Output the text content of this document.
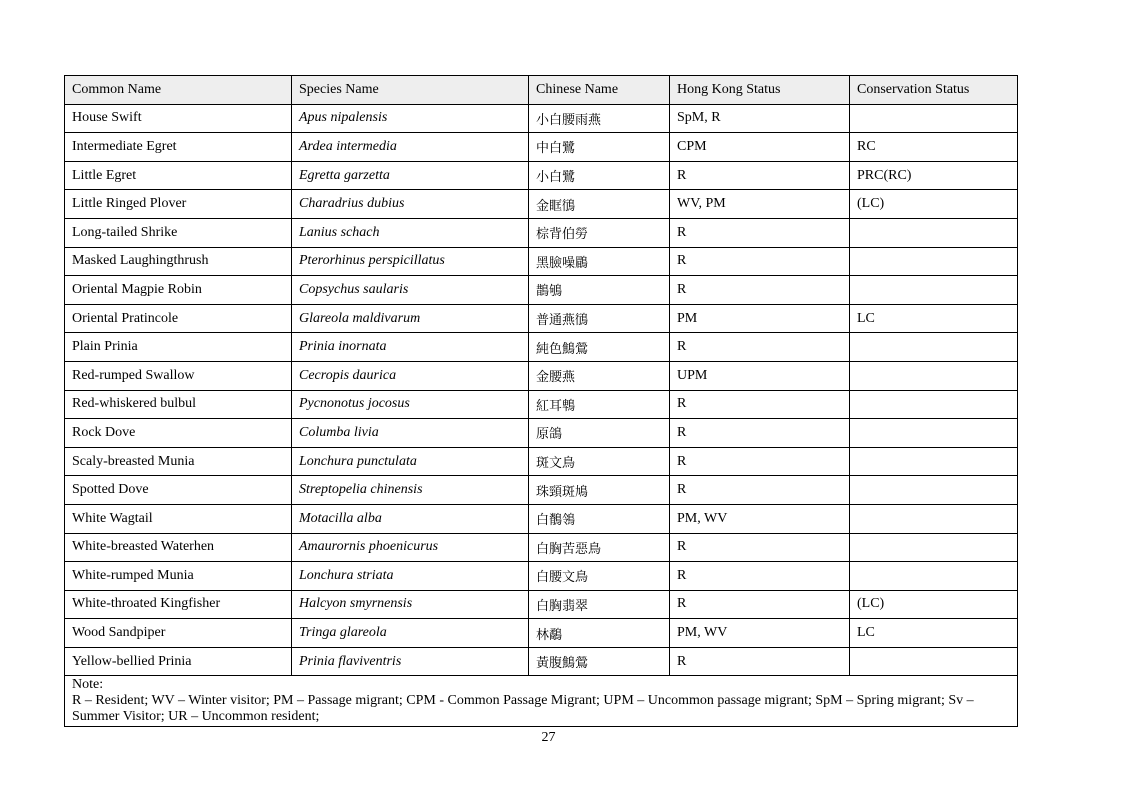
Common Name	Species Name	Chinese Name	Hong Kong Status	Conservation Status
House Swift	Apus nipalensis	小白腰雨燕	SpM, R	
Intermediate Egret	Ardea intermedia	中白鷺	CPM	RC
Little Egret	Egretta garzetta	小白鷺	R	PRC(RC)
Little Ringed Plover	Charadrius dubius	金眶鴴	WV, PM	(LC)
Long-tailed Shrike	Lanius schach	棕背伯勞	R	
Masked Laughingthrush	Pterorhinus perspicillatus	黑臉噪鶥	R	
Oriental Magpie Robin	Copsychus saularis	鵲鴝	R	
Oriental Pratincole	Glareola maldivarum	普通燕鴴	PM	LC
Plain Prinia	Prinia inornata	純色鷦鶯	R	
Red-rumped Swallow	Cecropis daurica	金腰燕	UPM	
Red-whiskered bulbul	Pycnonotus jocosus	紅耳鵯	R	
Rock Dove	Columba livia	原鴿	R	
Scaly-breasted Munia	Lonchura punctulata	斑文鳥	R	
Spotted Dove	Streptopelia chinensis	珠頸斑鳩	R	
White Wagtail	Motacilla alba	白鶺鴒	PM, WV	
White-breasted Waterhen	Amaurornis phoenicurus	白胸苦惡鳥	R	
White-rumped Munia	Lonchura striata	白腰文鳥	R	
White-throated Kingfisher	Halcyon smyrnensis	白胸翡翠	R	(LC)
Wood Sandpiper	Tringa glareola	林鷸	PM, WV	LC
Yellow-bellied Prinia	Prinia flaviventris	黃腹鷦鶯	R	

Note:
R – Resident; WV – Winter visitor; PM – Passage migrant; CPM - Common Passage Migrant; UPM – Uncommon passage migrant; SpM – Spring migrant; Sv – Summer Visitor; UR – Uncommon resident;				
27
